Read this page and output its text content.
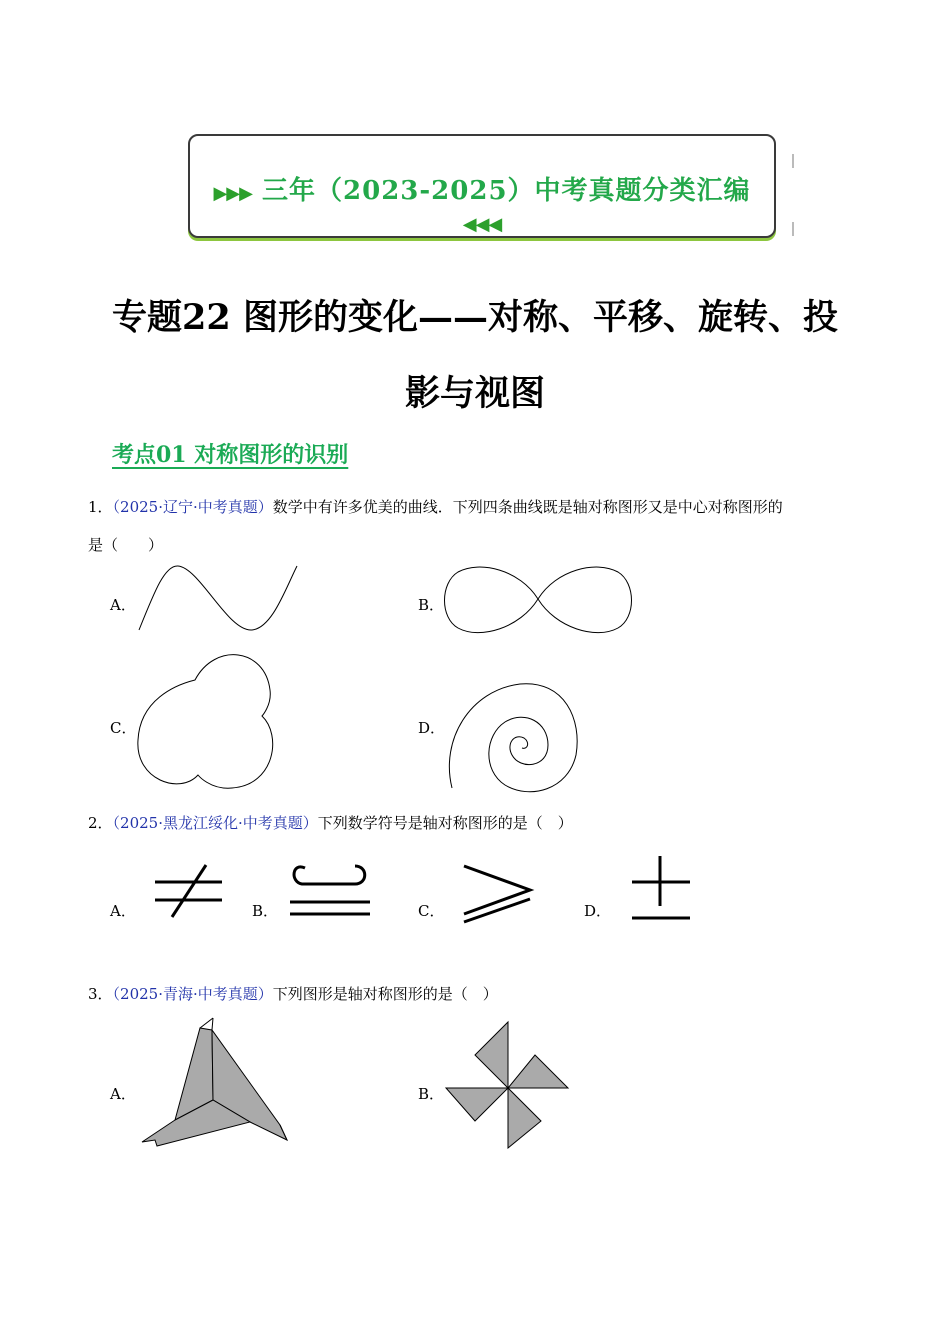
▶▶▶ 三年（2023-2025）中考真题分类汇编 ◀◀◀
专题22 图形的变化——对称、平移、旋转、投
影与视图
考点01 对称图形的识别
1．（2025·辽宁·中考真题）数学中有许多优美的曲线．下列四条曲线既是轴对称图形又是中心对称图形的
是（　　）
A．	B．
C．	D．
2．（2025·黑龙江绥化·中考真题）下列数学符号是轴对称图形的是（　）
A．	B．	C．	D．
3．（2025·青海·中考真题）下列图形是轴对称图形的是（　）
A．	B．
